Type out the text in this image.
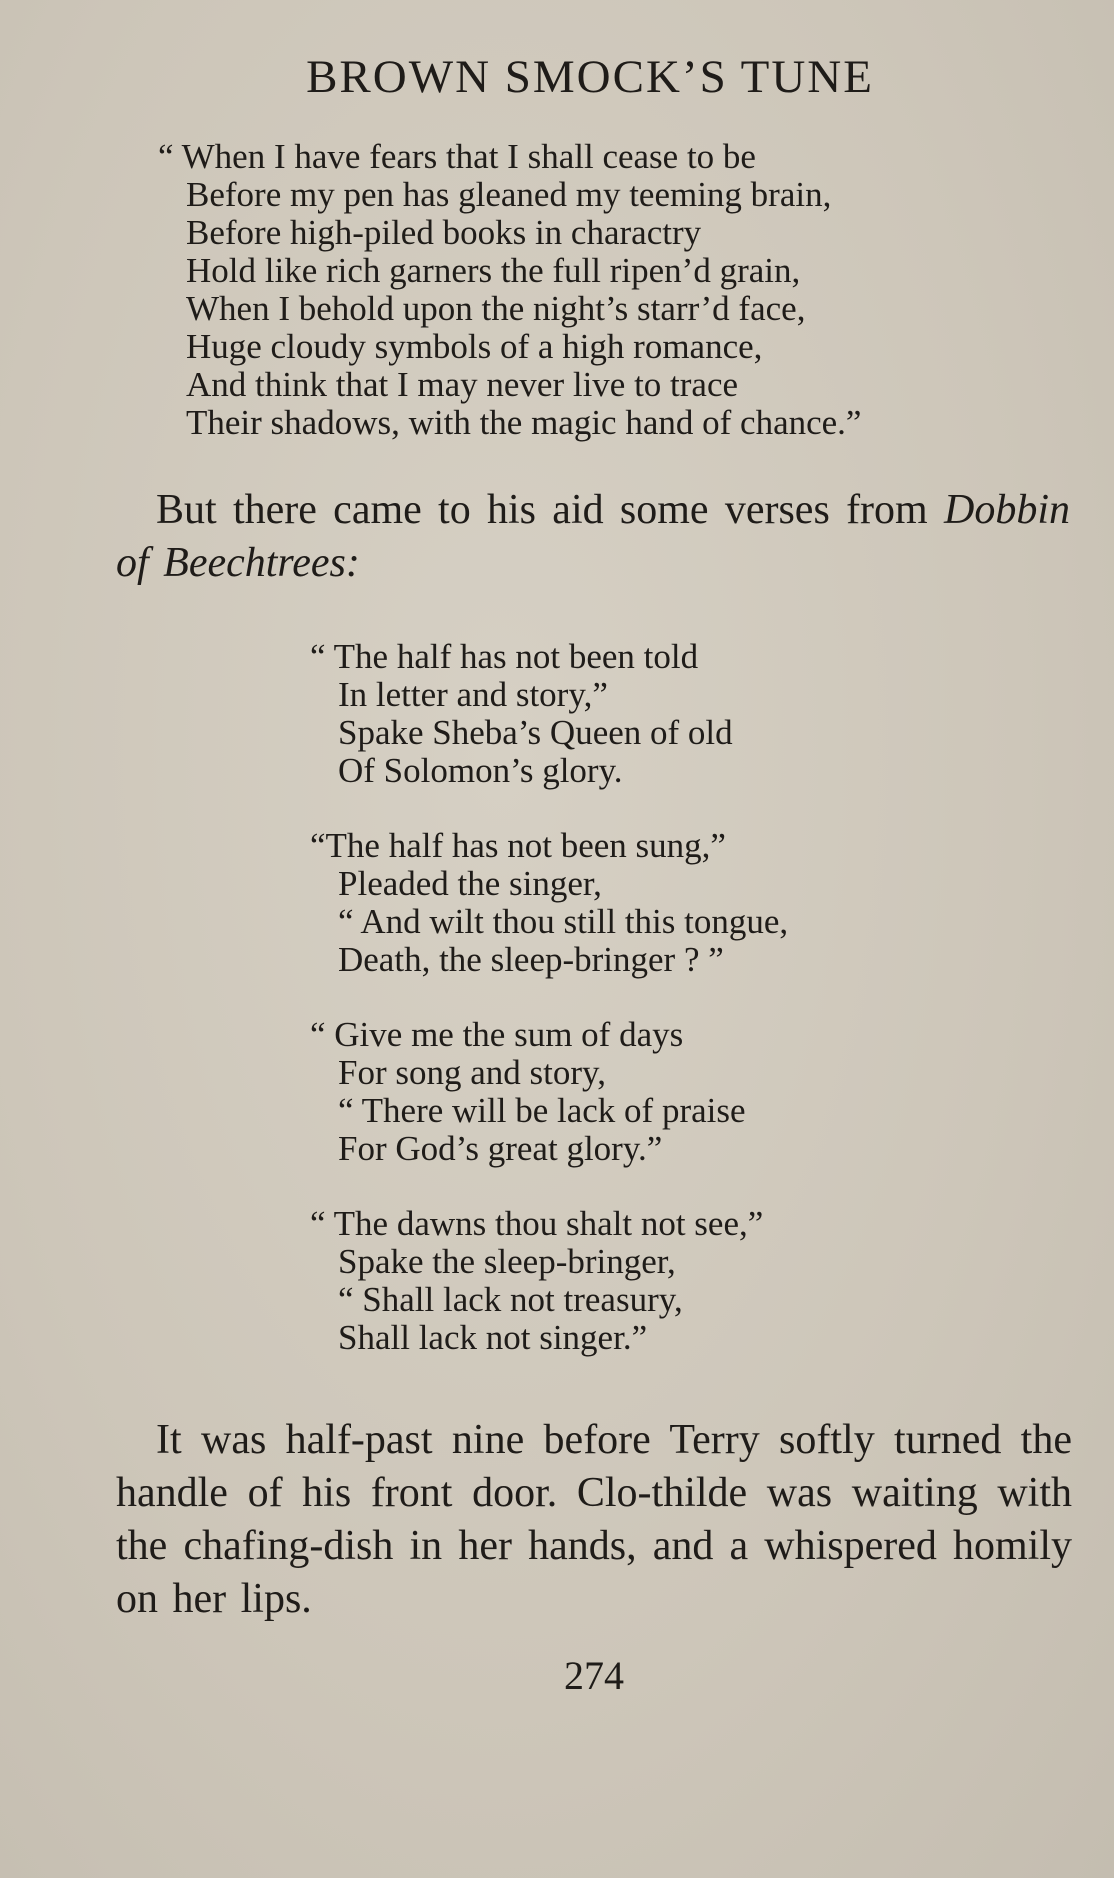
BROWN SMOCK’S TUNE
“ When I have fears that I shall cease to be
Before my pen has gleaned my teeming brain,
Before high-piled books in charactry
Hold like rich garners the full ripen’d grain,
When I behold upon the night’s starr’d face,
Huge cloudy symbols of a high romance,
And think that I may never live to trace
Their shadows, with the magic hand of chance.”

But there came to his aid some verses from Dobbin of Beechtrees:

“ The half has not been told
In letter and story,”
Spake Sheba’s Queen of old
Of Solomon’s glory.
“The half has not been sung,”
Pleaded the singer,
“ And wilt thou still this tongue,
Death, the sleep-bringer ? ”
“ Give me the sum of days
For song and story,
“ There will be lack of praise
For God’s great glory.”
“ The dawns thou shalt not see,”
Spake the sleep-bringer,
“ Shall lack not treasury,
Shall lack not singer.”

It was half-past nine before Terry softly turned the handle of his front door. Clo-thilde was waiting with the chafing-dish in her hands, and a whispered homily on her lips.

274
